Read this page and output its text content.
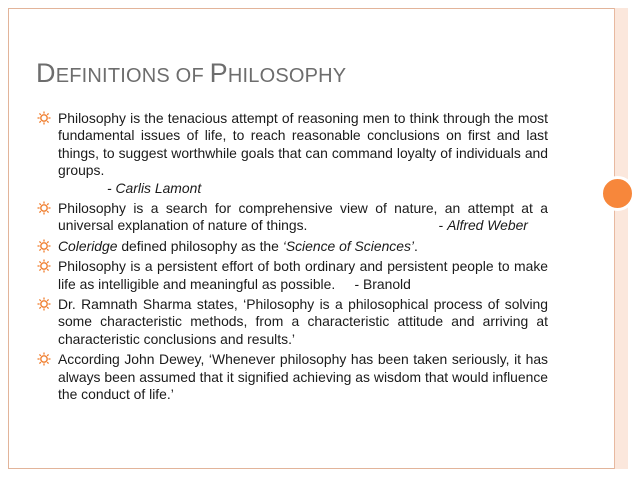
DEFINITIONS OF PHILOSOPHY
Philosophy is the tenacious attempt of reasoning men to think through the most fundamental issues of life, to reach reasonable conclusions on first and last things, to suggest worthwhile goals that can command loyalty of individuals and groups.
- Carlis Lamont
Philosophy is a search for comprehensive view of nature, an attempt at a universal explanation of nature of things.                                  - Alfred Weber
Coleridge defined philosophy as the ‘Science of Sciences’.
Philosophy is a persistent effort of both ordinary and persistent people to make life as intelligible and meaningful as possible.     - Branold
Dr. Ramnath Sharma states, ‘Philosophy is a philosophical process of solving some characteristic methods, from a characteristic attitude and arriving at characteristic conclusions and results.’
According John Dewey, ‘Whenever philosophy has been taken seriously, it has always been assumed that it signified achieving as wisdom that would influence the conduct of life.’
